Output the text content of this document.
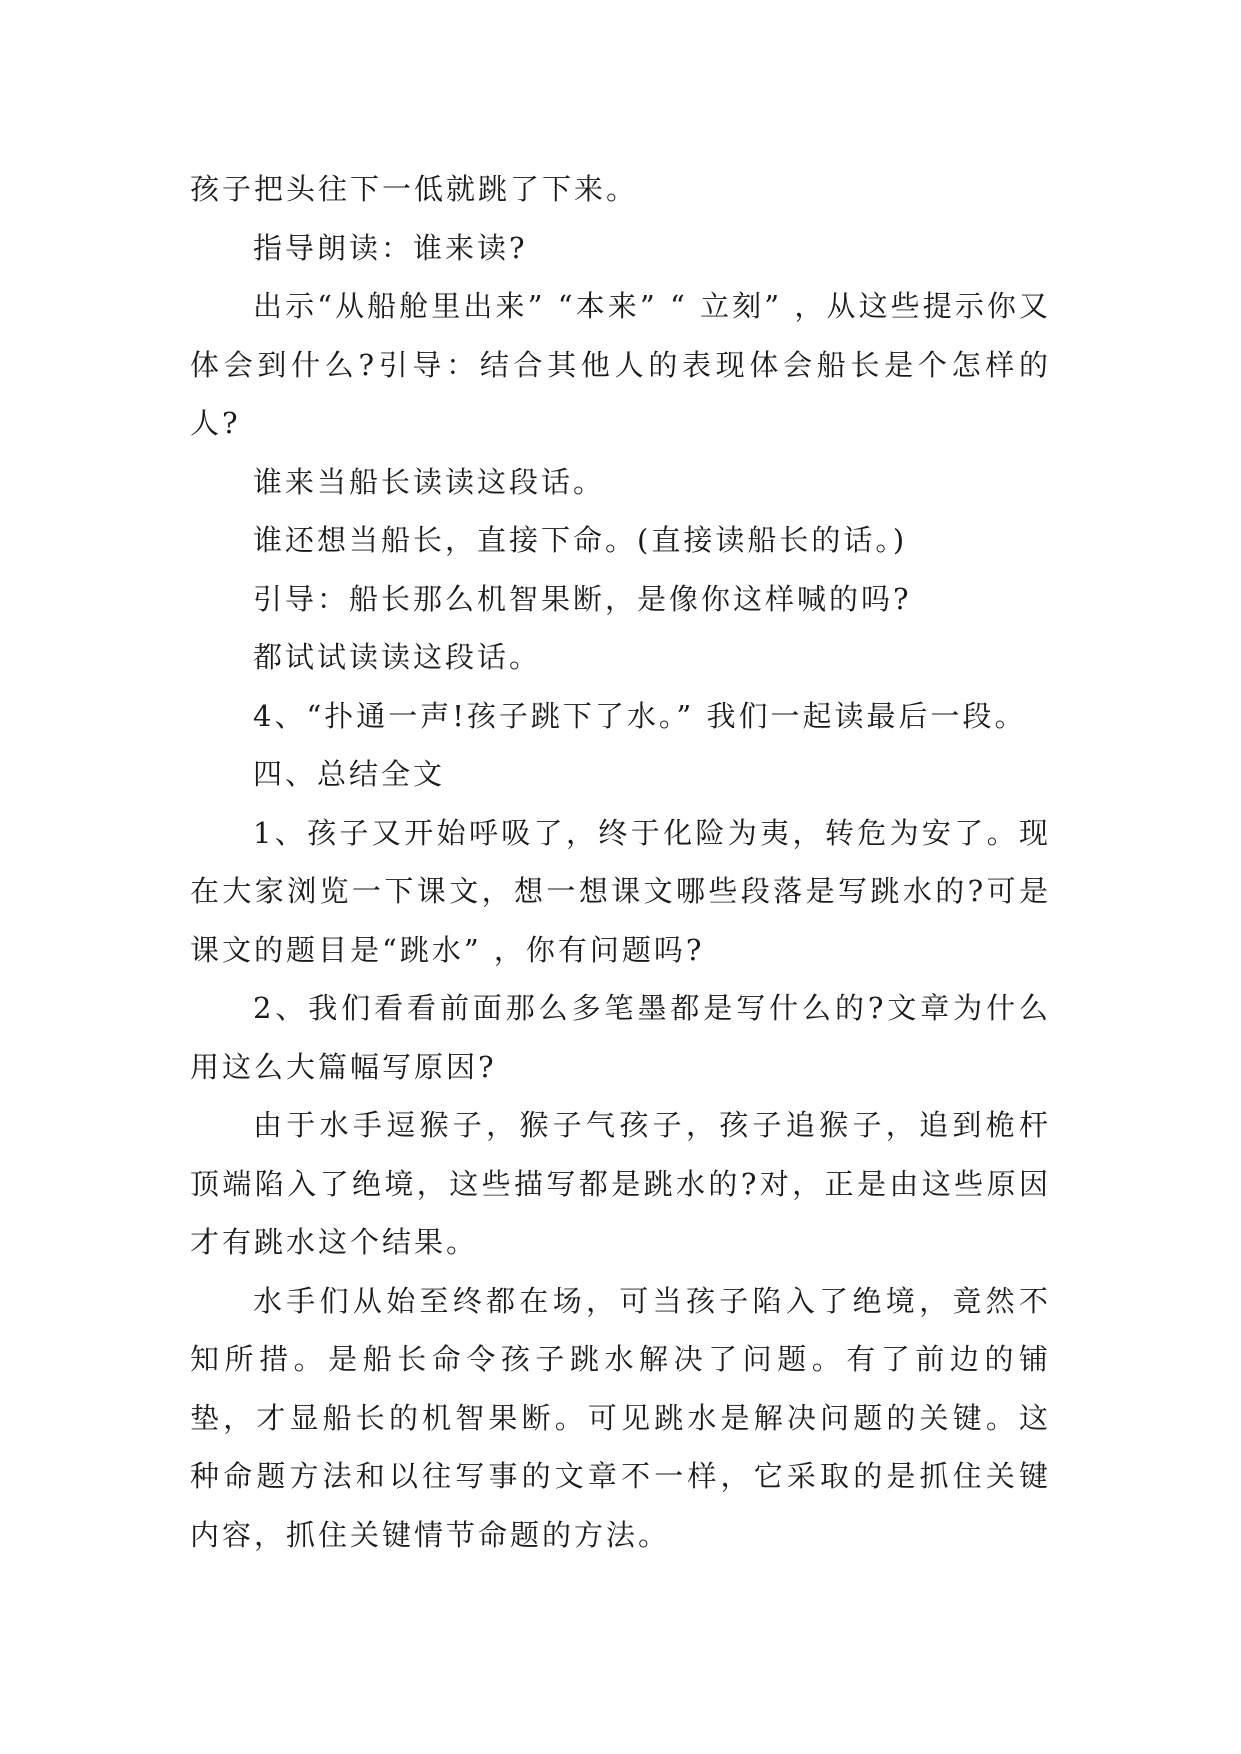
孩子把头往下一低就跳了下来。

指导朗读：谁来读?

出示“从船舱里出来” “本来” “ 立刻” ，从这些提示你又体会到什么?引导：结合其他人的表现体会船长是个怎样的人?

谁来当船长读读这段话。

谁还想当船长，直接下命。(直接读船长的话。)

引导：船长那么机智果断，是像你这样喊的吗?

都试试读读这段话。

4、“扑通一声!孩子跳下了水。” 我们一起读最后一段。

四、总结全文

1、孩子又开始呼吸了，终于化险为夷，转危为安了。现在大家浏览一下课文，想一想课文哪些段落是写跳水的?可是课文的题目是“跳水” ，你有问题吗?

2、我们看看前面那么多笔墨都是写什么的?文章为什么用这么大篇幅写原因?

由于水手逗猴子，猴子气孩子，孩子追猴子，追到桅杆顶端陷入了绝境，这些描写都是跳水的?对，正是由这些原因才有跳水这个结果。

水手们从始至终都在场，可当孩子陷入了绝境，竟然不知所措。是船长命令孩子跳水解决了问题。有了前边的铺垫，才显船长的机智果断。可见跳水是解决问题的关键。这种命题方法和以往写事的文章不一样，它采取的是抓住关键内容，抓住关键情节命题的方法。
